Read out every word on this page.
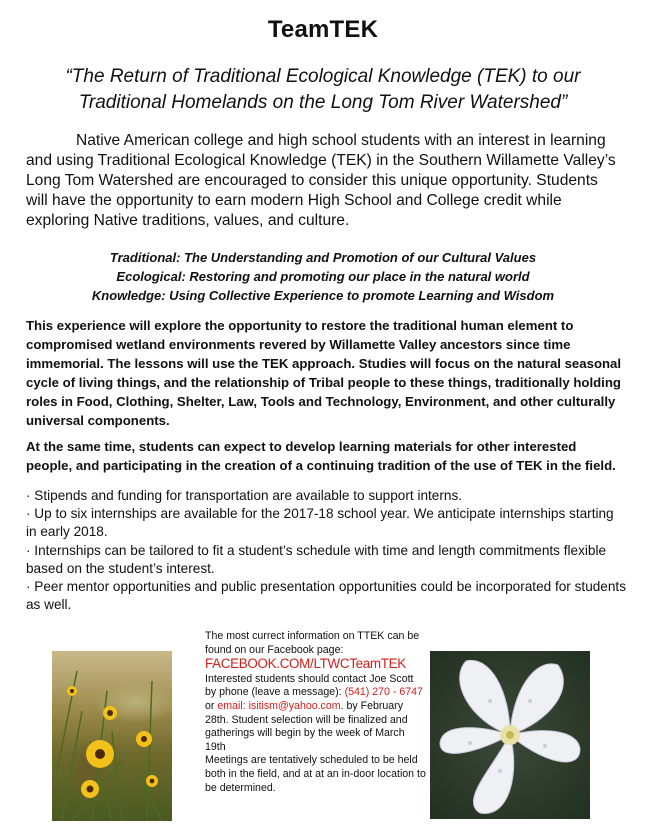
TeamTEK
“The Return of Traditional Ecological Knowledge (TEK) to our
Traditional Homelands on the Long Tom River Watershed”
Native American college and high school students with an interest in learning and using Traditional Ecological Knowledge (TEK) in the Southern Willamette Valley’s Long Tom Watershed are encouraged to consider this unique opportunity. Students will have the opportunity to earn modern High School and College credit while exploring Native traditions, values, and culture.
Traditional: The Understanding and Promotion of our Cultural Values
Ecological: Restoring and promoting our place in the natural world
Knowledge: Using Collective Experience to promote Learning and Wisdom
This experience will explore the opportunity to restore the traditional human element to compromised wetland environments revered by Willamette Valley ancestors since time immemorial. The lessons will use the TEK approach. Studies will focus on the natural seasonal cycle of living things, and the relationship of Tribal people to these things, traditionally holding roles in Food, Clothing, Shelter, Law, Tools and Technology, Environment, and other culturally universal components.
At the same time, students can expect to develop learning materials for other interested people, and participating in the creation of a continuing tradition of the use of TEK in the field.
· Stipends and funding for transportation are available to support interns.
· Up to six internships are available for the 2017-18 school year. We anticipate internships starting in early 2018.
· Internships can be tailored to fit a student’s schedule with time and length commitments flexible based on the student’s interest.
· Peer mentor opportunities and public presentation opportunities could be incorporated for students as well.
The most currect information on TTEK can be found on our Facebook page:
FACEBOOK.COM/LTWCTeamTEK
Interested students should contact Joe Scott by phone (leave a message): (541) 270 - 6747 or email: isitism@yahoo.com. by February 28th. Student selection will be finalized and gatherings will begin by the week of March 19th
Meetings are tentatively scheduled to be held both in the field, and at at an in-door location to be determined.
